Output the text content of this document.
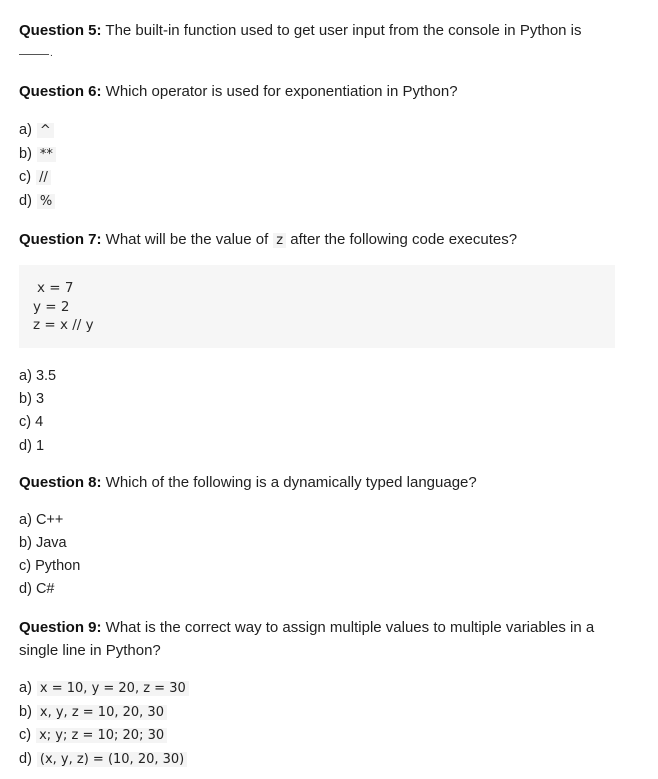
Question 5: The built-in function used to get user input from the console in Python is
.
Question 6: Which operator is used for exponentiation in Python?
a) ^
b) **
c) //
d) %
Question 7: What will be the value of z after the following code executes?
x = 7
y = 2
z = x // y
a) 3.5
b) 3
c) 4
d) 1
Question 8: Which of the following is a dynamically typed language?
a) C++
b) Java
c) Python
d) C#
Question 9: What is the correct way to assign multiple values to multiple variables in a
single line in Python?
a) x = 10, y = 20, z = 30
b) x, y, z = 10, 20, 30
c) x; y; z = 10; 20; 30
d) (x, y, z) = (10, 20, 30)
